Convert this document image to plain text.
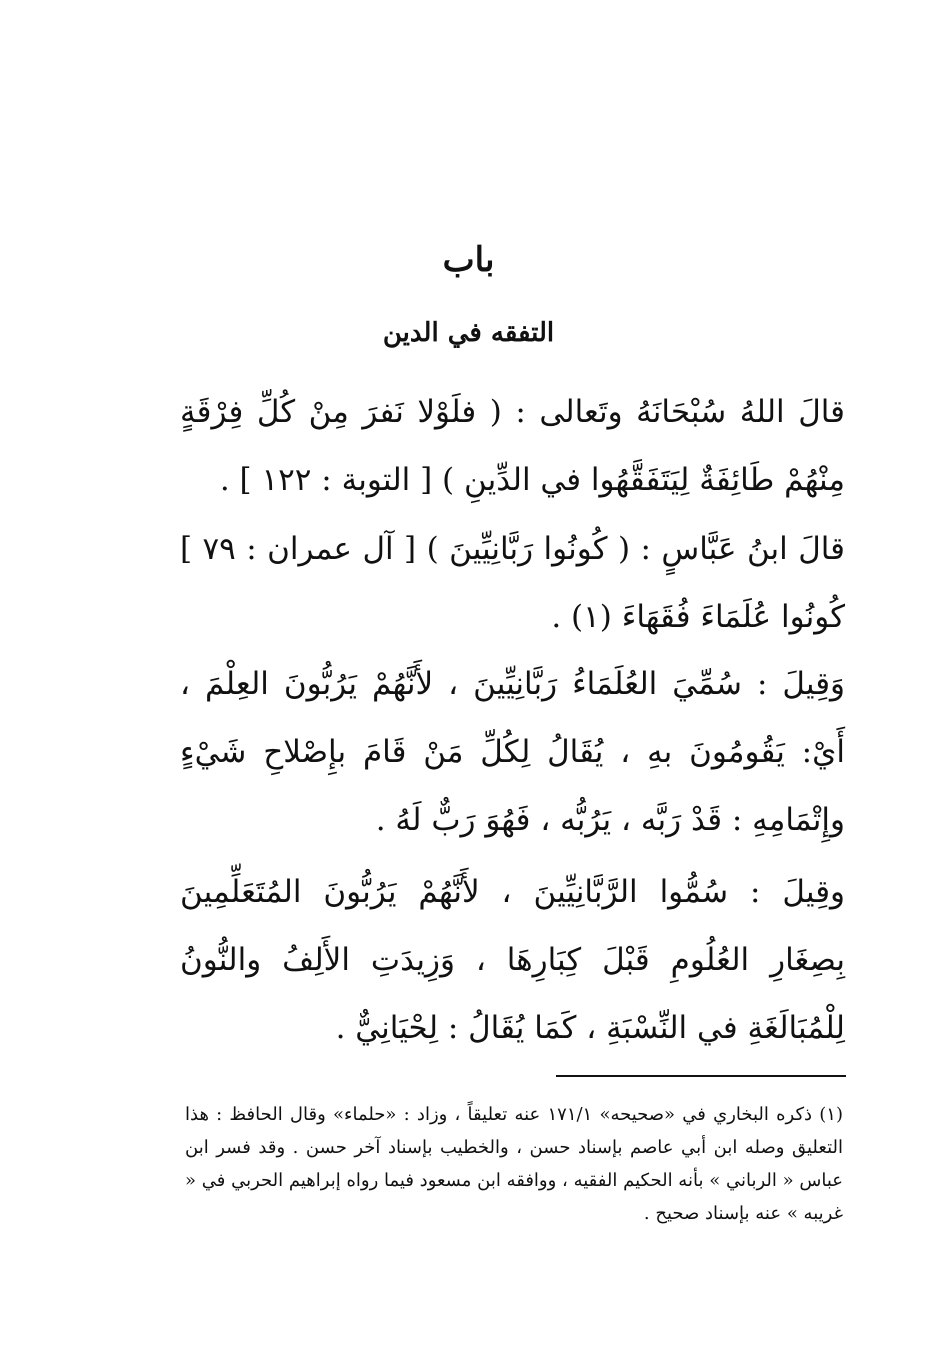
باب
التفقه في الدين
قالَ اللهُ سُبْحَانَهُ وتَعالى : ( فلَوْلا نَفرَ مِنْ كُلِّ فِرْقَةٍ مِنْهُمْ طَائِفَةٌ لِيَتَفَقَّهُوا في الدِّينِ ) [ التوبة : ١٢٢ ] .
قالَ ابنُ عَبَّاسٍ : ( كُونُوا رَبَّانِيِّينَ ) [ آل عمران : ٧٩ ] كُونُوا عُلَمَاءَ فُقَهَاءَ (١) .
وَقِيلَ : سُمِّيَ العُلَمَاءُ رَبَّانِيِّينَ ، لأَنَّهُمْ يَرُبُّونَ العِلْمَ ، أَيْ: يَقُومُونَ بهِ ، يُقَالُ لِكُلِّ مَنْ قَامَ بإِصْلاحِ شَيْءٍ وإِتْمَامِهِ : قَدْ رَبَّه ، يَرُبُّه ، فَهُوَ رَبٌّ لَهُ .
وقِيلَ : سُمُّوا الرَّبَّانِيِّينَ ، لأَنَّهُمْ يَرُبُّونَ المُتَعَلِّمِينَ بِصِغَارِ العُلُومِ قَبْلَ كِبَارِهَا ، وَزِيدَتِ الأَلِفُ والنُّونُ لِلْمُبَالَغَةِ في النِّسْبَةِ ، كَمَا يُقَالُ : لِحْيَانِيٌّ .
(١) ذكره البخاري في «صحيحه» ١٧١/١ عنه تعليقاً ، وزاد : «حلماء» وقال الحافظ : هذا التعليق وصله ابن أبي عاصم بإسناد حسن ، والخطيب بإسناد آخر حسن . وقد فسر ابن عباس « الرباني » بأنه الحكيم الفقيه ، ووافقه ابن مسعود فيما رواه إبراهيم الحربي في « غريبه » عنه بإسناد صحيح .
